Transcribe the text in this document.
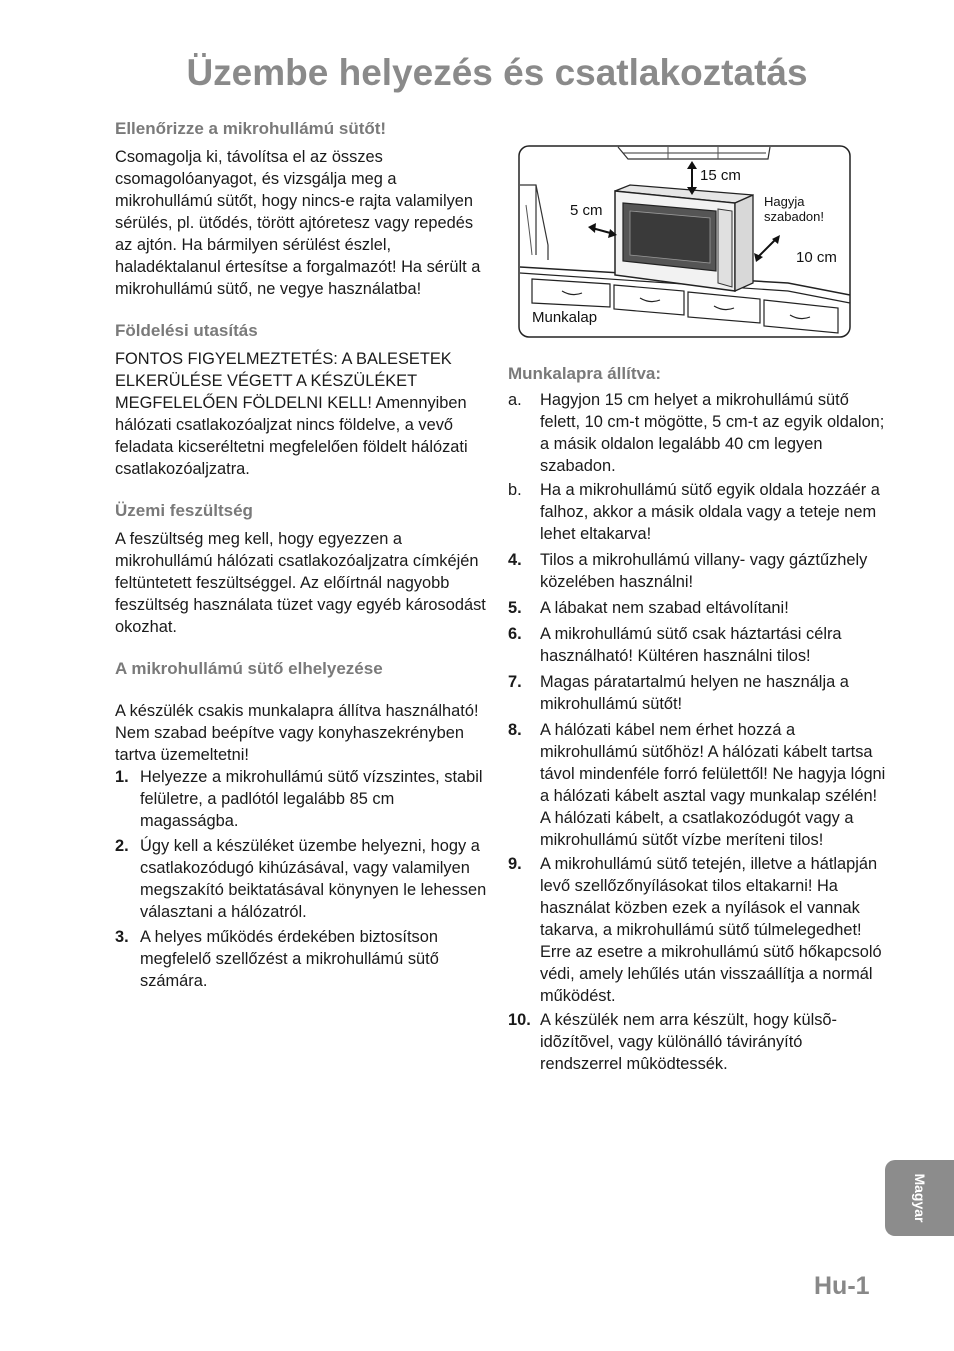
Üzembe helyezés és csatlakoztatás
Ellenőrizze a mikrohullámú sütőt!

Csomagolja ki, távolítsa el az összes csomagolóanyagot, és vizsgálja meg a mikrohullámú sütőt, hogy nincs-e rajta valamilyen sérülés, pl. ütődés, törött ajtóretesz vagy repedés az ajtón. Ha bármilyen sérülést észlel, haladéktalanul értesítse a forgalmazót! Ha sérült a mikrohullámú sütő, ne vegye használatba!

Földelési utasítás

FONTOS FIGYELMEZTETÉS: A BALESETEK ELKERÜLÉSE VÉGETT A KÉSZÜLÉKET MEGFELELŐEN FÖLDELNI KELL! Amennyiben hálózati csatlakozóaljzat nincs földelve, a vevő feladata kicseréltetni megfelelően földelt hálózati csatlakozóaljzatra.

Üzemi feszültség

A feszültség meg kell, hogy egyezzen a mikrohullámú hálózati csatlakozóaljzatra címkéjén feltüntetett feszültséggel. Az előírtnál nagyobb feszültség használata tüzet vagy egyéb károsodást okozhat.

A mikrohullámú sütő elhelyezése

A készülék csakis munkalapra állítva használható! Nem szabad beépítve vagy konyhaszekrényben tartva üzemeltetni!

1. Helyezze a mikrohullámú sütő vízszintes, stabil felületre, a padlótól legalább 85 cm magasságba.
2. Úgy kell a készüléket üzembe helyezni, hogy a csatlakozódugó kihúzásával, vagy valamilyen megszakító beiktatásával könynyen le lehessen választani a hálózatról.
3. A helyes működés érdekében biztosítson megfelelő szellőzést a mikrohullámú sütő számára.
15 cm
5 cm
Hagyja szabadon!
10 cm
Munkalap
Munkalapra állítva:
a. Hagyjon 15 cm helyet a mikrohullámú sütő felett, 10 cm-t mögötte, 5 cm-t az egyik oldalon; a másik oldalon legalább 40 cm legyen szabadon.
b. Ha a mikrohullámú sütő egyik oldala hozzáér a falhoz, akkor a másik oldala vagy a teteje nem lehet eltakarva!
4. Tilos a mikrohullámú villany- vagy gáztűzhely közelében használni!
5. A lábakat nem szabad eltávolítani!
6. A mikrohullámú sütő csak háztartási célra használható! Kültéren használni tilos!
7. Magas páratartalmú helyen ne használja a mikrohullámú sütőt!
8. A hálózati kábel nem érhet hozzá a mikrohullámú sütőhöz! A hálózati kábelt tartsa távol mindenféle forró felülettől! Ne hagyja lógni a hálózati kábelt asztal vagy munkalap szélén! A hálózati kábelt, a csatlakozódugót vagy a mikrohullámú sütőt vízbe meríteni tilos!
9. A mikrohullámú sütő tetején, illetve a hátlapján levő szellőzőnyílásokat tilos eltakarni! Ha használat közben ezek a nyílások el vannak takarva, a mikrohullámú sütő túlmelegedhet! Erre az esetre a mikrohullámú sütő hőkapcsoló védi, amely lehűlés után visszaállítja a normál működést.
10. A készülék nem arra készült, hogy külsõ-idõzítõvel, vagy különálló távirányító rendszerrel mûködtessék.
Magyar
Hu-1
